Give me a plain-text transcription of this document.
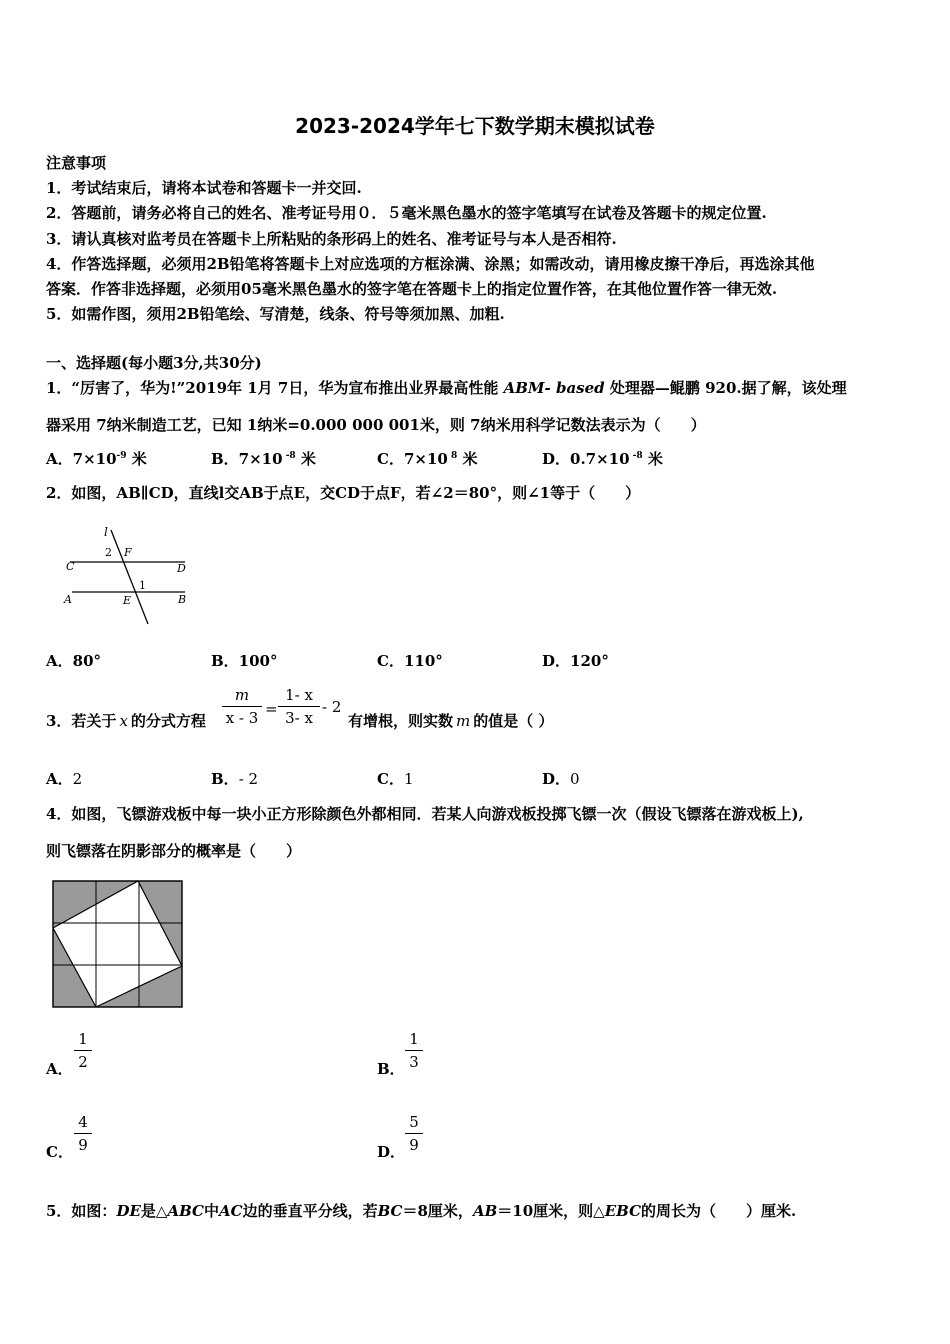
2023-2024学年七下数学期末模拟试卷
注意事项
1．考试结束后，请将本试卷和答题卡一并交回.
2．答题前，请务必将自己的姓名、准考证号用０．５毫米黑色墨水的签字笔填写在试卷及答题卡的规定位置.
3．请认真核对监考员在答题卡上所粘贴的条形码上的姓名、准考证号与本人是否相符.
4．作答选择题，必须用2B铅笔将答题卡上对应选项的方框涂满、涂黑；如需改动，请用橡皮擦干净后，再选涂其他
答案．作答非选择题，必须用05毫米黑色墨水的签字笔在答题卡上的指定位置作答，在其他位置作答一律无效.
5．如需作图，须用2B铅笔绘、写清楚，线条、符号等须加黑、加粗.
一、选择题(每小题3分,共30分)
1．“厉害了，华为!”2019年 1月 7日，华为宣布推出业界最高性能 ABM- based 处理器—鲲鹏 920.据了解，该处理
器采用 7纳米制造工艺，已知 1纳米=0.000 000 001米，则 7纳米用科学记数法表示为（　　）
A．$7\times 10^{-9}$ 米	B．7×10 $^{-8}$ 米	C．7×10 $^8$ 米	D．0.7×10 $^{-8}$ 米
2．如图，AB∥CD，直线l交AB于点E，交CD于点F，若∠2＝80°，则∠1等于（　　）
l
2 F
C	D
1
A	E	B
A．80°	B．100°	C．110°	D．120°
3．若关于 x 的分式方程
m
x - 3 =
1- x
3- x
- 2
有增根，则实数 m 的值是（ ）
A．2	B．- 2	C．1	D．0
4．如图，飞镖游戏板中每一块小正方形除颜色外都相同．若某人向游戏板投掷飞镖一次（假设飞镖落在游戏板上),
则飞镖落在阴影部分的概率是（　　）
A．
1
2	B．
1
3
C．
4
9	D．
5
9
5．如图：DE是△ABC中AC边的垂直平分线，若BC＝8厘米，AB＝10厘米，则△EBC的周长为（　　）厘米.
